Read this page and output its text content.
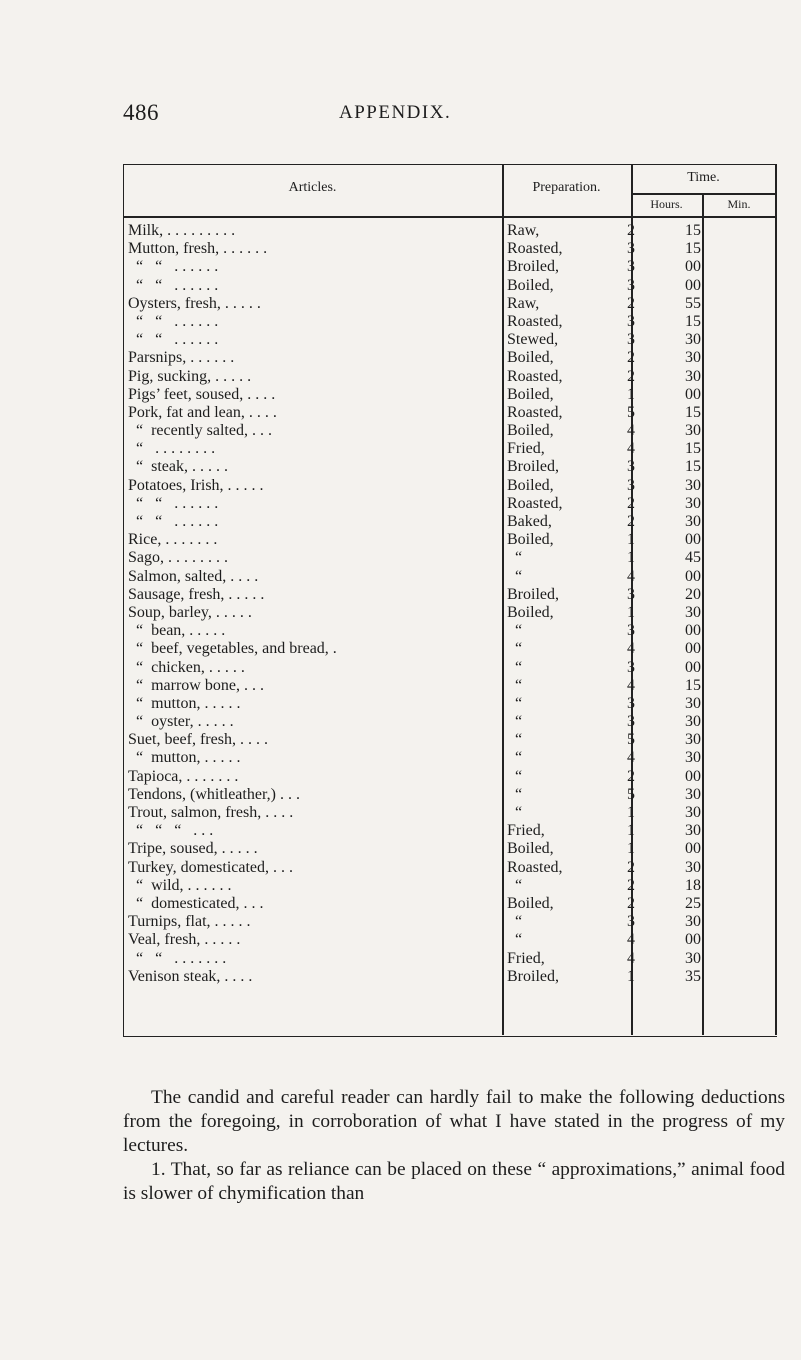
486	APPENDIX.
Articles.	Preparation.
Time.
Hours.	Min.
Milk, . . . . . . . . .	Raw,	2	15
Mutton, fresh, . . . . . .	Roasted,	3	15
“   “   . . . . . .	Broiled,	3	00
“   “   . . . . . .	Boiled,	3	00
Oysters, fresh, . . . . .	Raw,	2	55
“   “   . . . . . .	Roasted,	3	15
“   “   . . . . . .	Stewed,	3	30
Parsnips, . . . . . .	Boiled,	2	30
Pig, sucking, . . . . .	Roasted,	2	30
Pigs’ feet, soused, . . . .	Boiled,	1	00
Pork, fat and lean, . . . .	Roasted,	5	15
“  recently salted, . . .	Boiled,	4	30
“   . . . . . . . .	Fried,	4	15
“  steak, . . . . .	Broiled,	3	15
Potatoes, Irish, . . . . .	Boiled,	3	30
“   “   . . . . . .	Roasted,	2	30
“   “   . . . . . .	Baked,	2	30
Rice, . . . . . . .	Boiled,	1	00
Sago, . . . . . . . .	“	1	45
Salmon, salted, . . . .	“	4	00
Sausage, fresh, . . . . .	Broiled,	3	20
Soup, barley, . . . . .	Boiled,	1	30
“  bean, . . . . .	“	3	00
“  beef, vegetables, and bread, .	“	4	00
“  chicken, . . . . .	“	3	00
“  marrow bone, . . .	“	4	15
“  mutton, . . . . .	“	3	30
“  oyster, . . . . .	“	3	30
Suet, beef, fresh, . . . .	“	5	30
“  mutton, . . . . .	“	4	30
Tapioca, . . . . . . .	“	2	00
Tendons, (whitleather,) . . .	“	5	30
Trout, salmon, fresh, . . . .	“	1	30
“   “   “   . . .	Fried,	1	30
Tripe, soused, . . . . .	Boiled,	1	00
Turkey, domesticated, . . .	Roasted,	2	30
“  wild, . . . . . .	“	2	18
“  domesticated, . . .	Boiled,	2	25
Turnips, flat, . . . . .	“	3	30
Veal, fresh, . . . . .	“	4	00
“   “   . . . . . . .	Fried,	4	30
Venison steak, . . . .	Broiled,	1	35

The candid and careful reader can hardly fail to make the following deductions from the foregoing, in corroboration of what I have stated in the progress of my lectures.

1. That, so far as reliance can be placed on these “ approximations,” animal food is slower of chymification than
